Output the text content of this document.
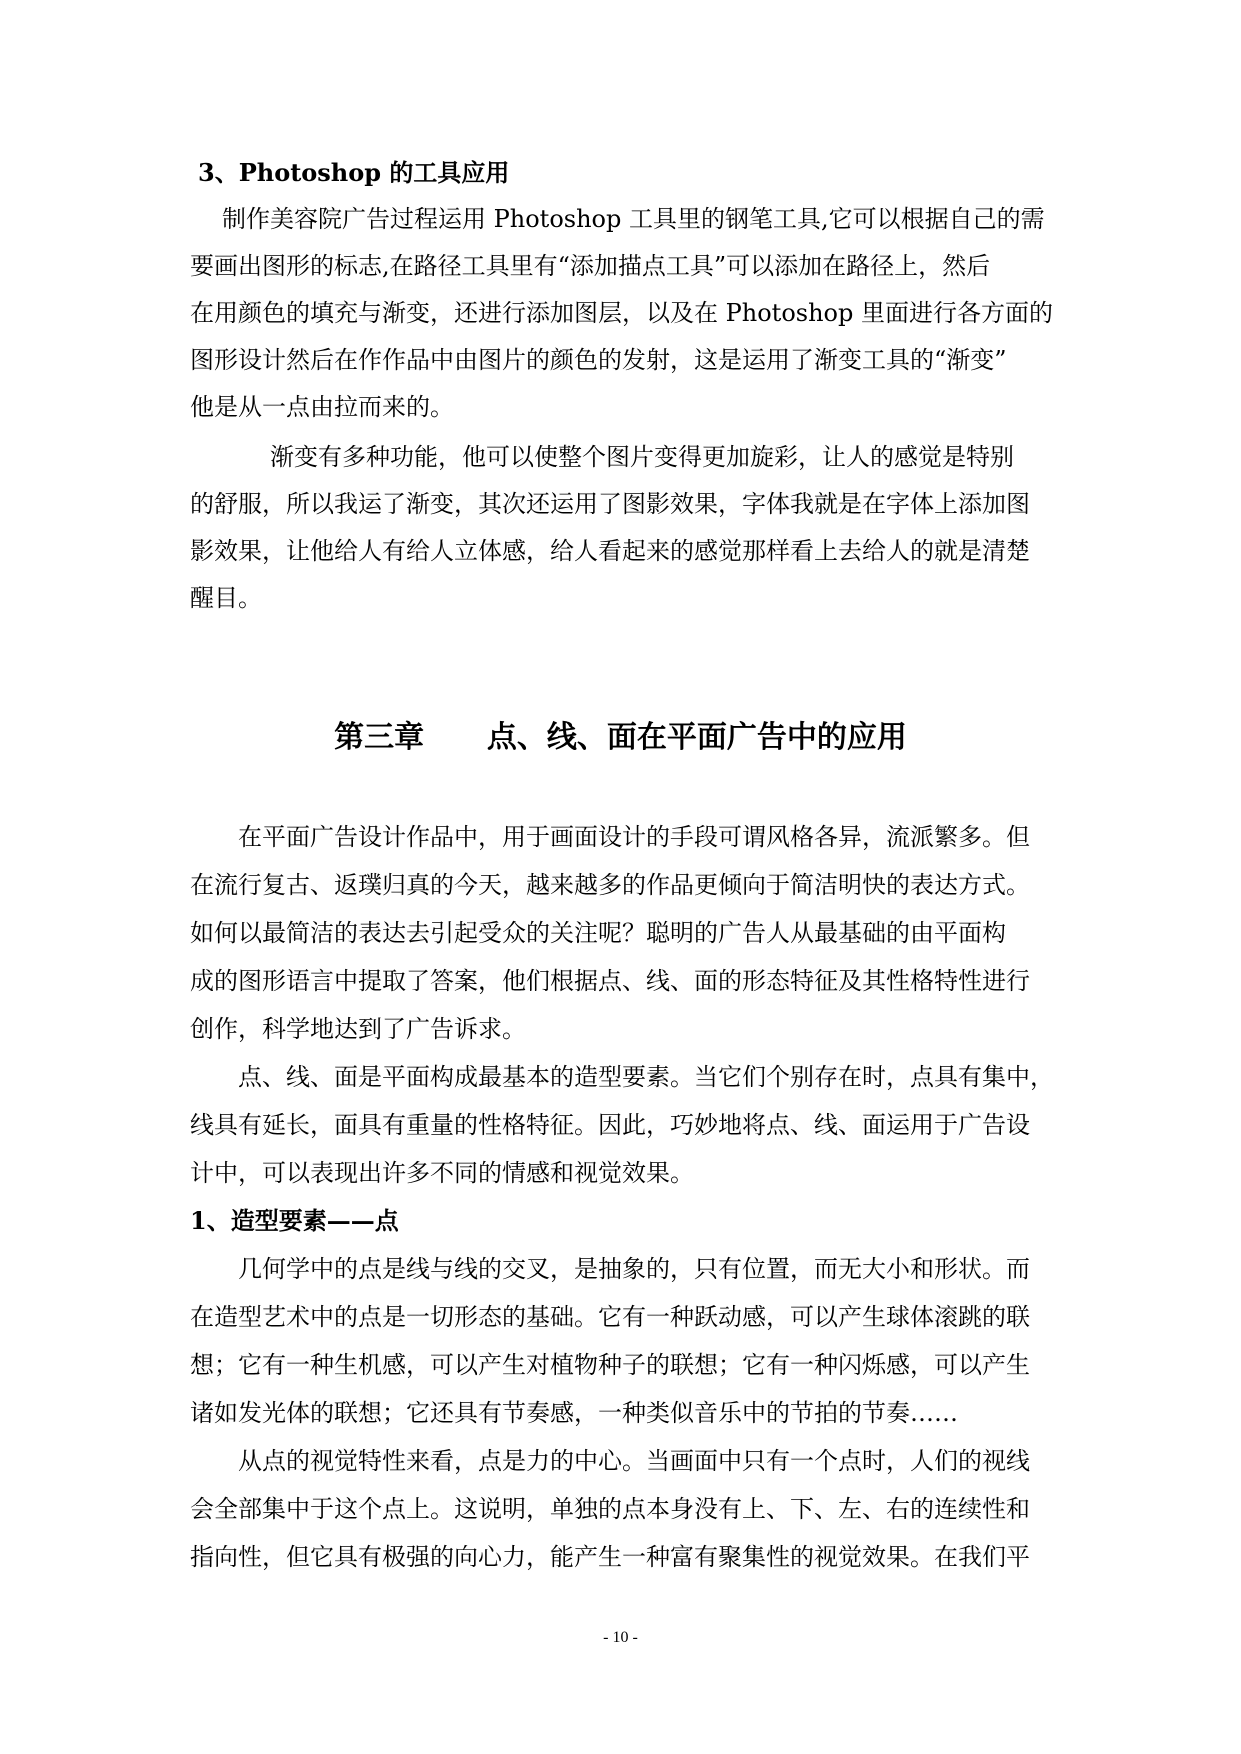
3、Photoshop 的工具应用
制作美容院广告过程运用 Photoshop 工具里的钢笔工具,它可以根据自己的需
要画出图形的标志,在路径工具里有“添加描点工具”可以添加在路径上，然后
在用颜色的填充与渐变，还进行添加图层，以及在 Photoshop 里面进行各方面的
图形设计然后在作作品中由图片的颜色的发射，这是运用了渐变工具的“渐变”
他是从一点由拉而来的。
渐变有多种功能，他可以使整个图片变得更加旋彩，让人的感觉是特别
的舒服，所以我运了渐变，其次还运用了图影效果，字体我就是在字体上添加图
影效果，让他给人有给人立体感，给人看起来的感觉那样看上去给人的就是清楚
醒目。
第三章      点、线、面在平面广告中的应用
在平面广告设计作品中，用于画面设计的手段可谓风格各异，流派繁多。但
在流行复古、返璞归真的今天，越来越多的作品更倾向于简洁明快的表达方式。
如何以最简洁的表达去引起受众的关注呢？聪明的广告人从最基础的由平面构
成的图形语言中提取了答案，他们根据点、线、面的形态特征及其性格特性进行
创作，科学地达到了广告诉求。
点、线、面是平面构成最基本的造型要素。当它们个别存在时，点具有集中，
线具有延长，面具有重量的性格特征。因此，巧妙地将点、线、面运用于广告设
计中，可以表现出许多不同的情感和视觉效果。
1、造型要素——点
几何学中的点是线与线的交叉，是抽象的，只有位置，而无大小和形状。而
在造型艺术中的点是一切形态的基础。它有一种跃动感，可以产生球体滚跳的联
想；它有一种生机感，可以产生对植物种子的联想；它有一种闪烁感，可以产生
诸如发光体的联想；它还具有节奏感，一种类似音乐中的节拍的节奏……
从点的视觉特性来看，点是力的中心。当画面中只有一个点时，人们的视线
会全部集中于这个点上。这说明，单独的点本身没有上、下、左、右的连续性和
指向性，但它具有极强的向心力，能产生一种富有聚集性的视觉效果。在我们平
- 10 -
